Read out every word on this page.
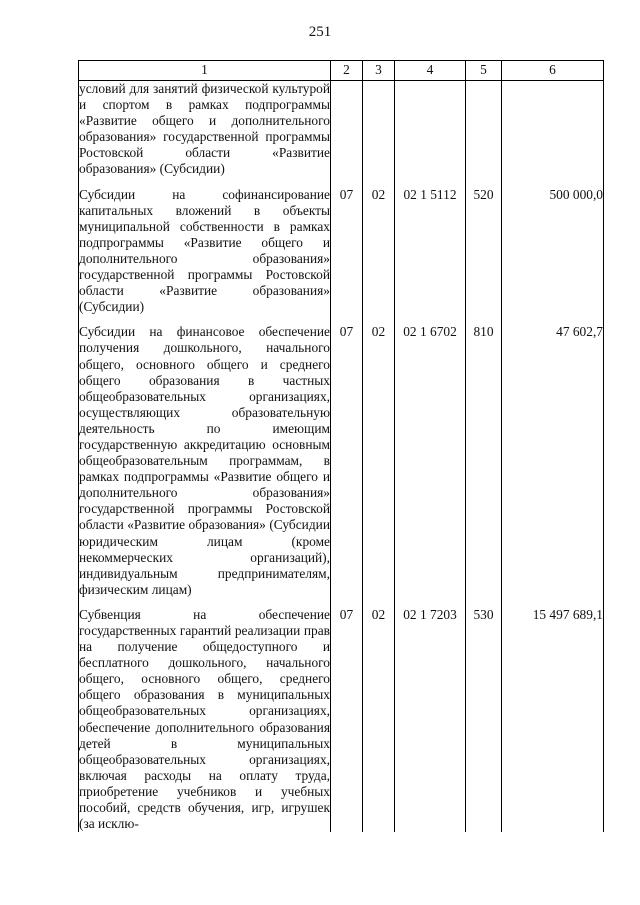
251
1	2	3	4	5	6
условий для занятий физической культурой и спортом в рамках подпрограммы «Развитие общего и дополнительного образования» государственной программы Ростовской области «Развитие образования» (Субсидии)					

Субсидии на софинансирование капитальных вложений в объекты муниципальной собственности в рамках подпрограммы «Развитие общего и дополнительного образования» государственной программы Ростовской области «Развитие образования» (Субсидии)	07	02	02 1 5112	520	500 000,0

Субсидии на финансовое обеспечение получения дошкольного, начального общего, основного общего и среднего общего образования в частных общеобразовательных организациях, осуществляющих образовательную деятельность по имеющим государственную аккредитацию основным общеобразовательным программам, в рамках подпрограммы «Развитие общего и дополнительного образования» государственной программы Ростовской области «Развитие образования» (Субсидии юридическим лицам (кроме некоммерческих организаций), индивидуальным предпринимателям, физическим лицам)	07	02	02 1 6702	810	47 602,7

Субвенция на обеспечение государственных гарантий реализации прав на получение общедоступного и бесплатного дошкольного, начального общего, основного общего, среднего общего образования в муниципальных общеобразовательных организациях, обеспечение дополнительного образования детей в муниципальных общеобразовательных организациях, включая расходы на оплату труда, приобретение учебников и учебных пособий, средств обучения, игр, игрушек (за исклю-	07	02	02 1 7203	530	15 497 689,1
